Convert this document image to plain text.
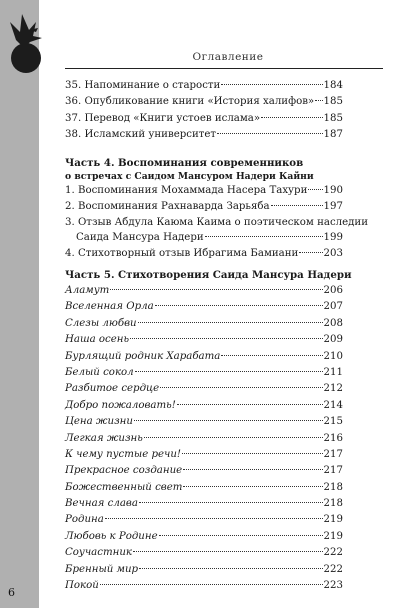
Оглавление
35. Напоминание о старости	184
36. Опубликование книги «История халифов» 185
37. Перевод «Книги устоев ислама»	185
38. Исламский университет	187
Часть 4. Воспоминания современников
о встречах с Саидом Мансуром Надери Кайни
1. Воспоминания Мохаммада Насера Тахури 190
2. Воспоминания Рахнаварда Зарьяба	197
3. Отзыв Абдула Каюма Каима о поэтическом наследии
Саида Мансура Надери	199
4. Стихотворный отзыв Ибрагима Бамиани 203
Часть 5. Стихотворения Саида Мансура Надери
Аламут	206
Вселенная Орла	207
Слезы любви	208
Наша осень	209
Бурлящий родник Харабата	210
Белый сокол	211
Разбитое сердце	212
Добро пожаловать!	214
Цена жизни	215
Легкая жизнь	216
К чему пустые речи!	217
Прекрасное создание	217
Божественный свет	218
Вечная слава	218
Родина	219
Любовь к Родине	219
Соучастник	222
Бренный мир	222
Покой	223
6
